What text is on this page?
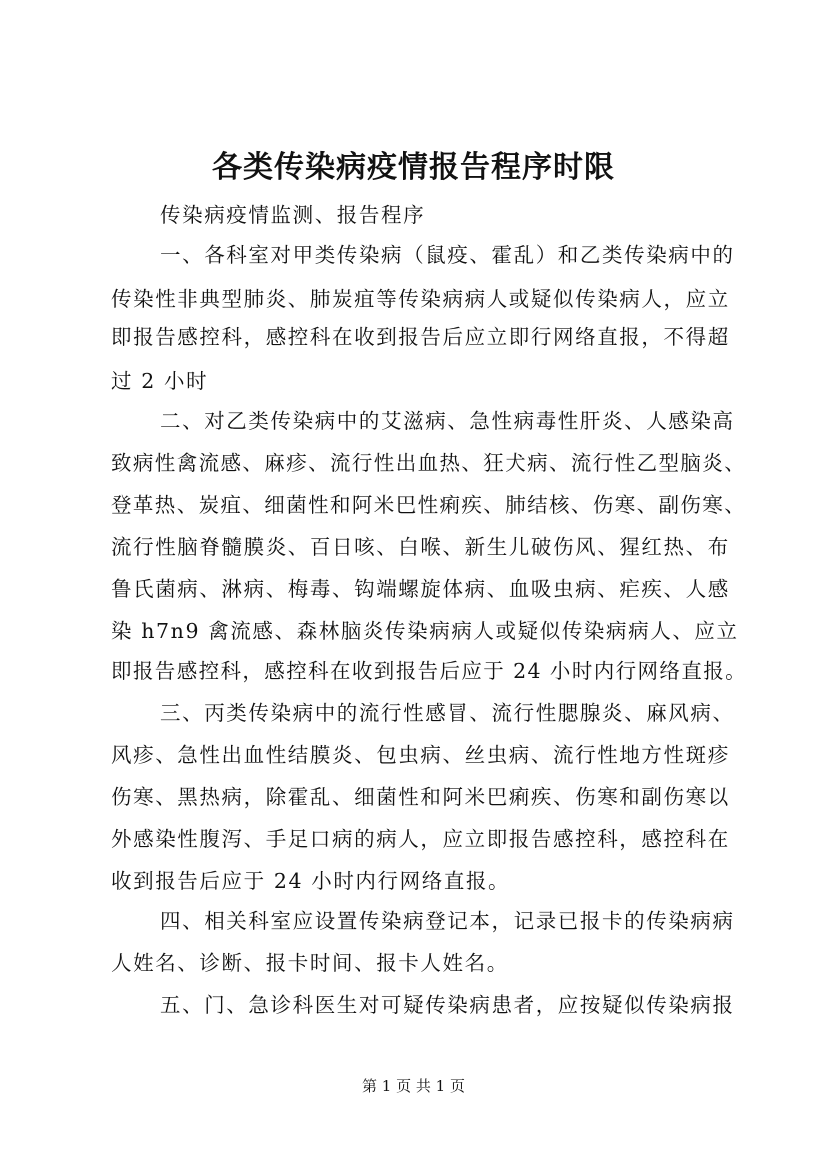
各类传染病疫情报告程序时限
传染病疫情监测、报告程序
一、各科室对甲类传染病（鼠疫、霍乱）和乙类传染病中的
传染性非典型肺炎、肺炭疽等传染病病人或疑似传染病人，应立
即报告感控科，感控科在收到报告后应立即行网络直报，不得超
过 2 小时
二、对乙类传染病中的艾滋病、急性病毒性肝炎、人感染高
致病性禽流感、麻疹、流行性出血热、狂犬病、流行性乙型脑炎、
登革热、炭疽、细菌性和阿米巴性痢疾、肺结核、伤寒、副伤寒、
流行性脑脊髓膜炎、百日咳、白喉、新生儿破伤风、猩红热、布
鲁氏菌病、淋病、梅毒、钩端螺旋体病、血吸虫病、疟疾、人感
染 h7n9 禽流感、森林脑炎传染病病人或疑似传染病病人、应立
即报告感控科，感控科在收到报告后应于 24 小时内行网络直报。
三、丙类传染病中的流行性感冒、流行性腮腺炎、麻风病、
风疹、急性出血性结膜炎、包虫病、丝虫病、流行性地方性斑疹
伤寒、黑热病，除霍乱、细菌性和阿米巴痢疾、伤寒和副伤寒以
外感染性腹泻、手足口病的病人，应立即报告感控科，感控科在
收到报告后应于 24 小时内行网络直报。
四、相关科室应设置传染病登记本，记录已报卡的传染病病
人姓名、诊断、报卡时间、报卡人姓名。
五、门、急诊科医生对可疑传染病患者，应按疑似传染病报
第 1 页 共 1 页
